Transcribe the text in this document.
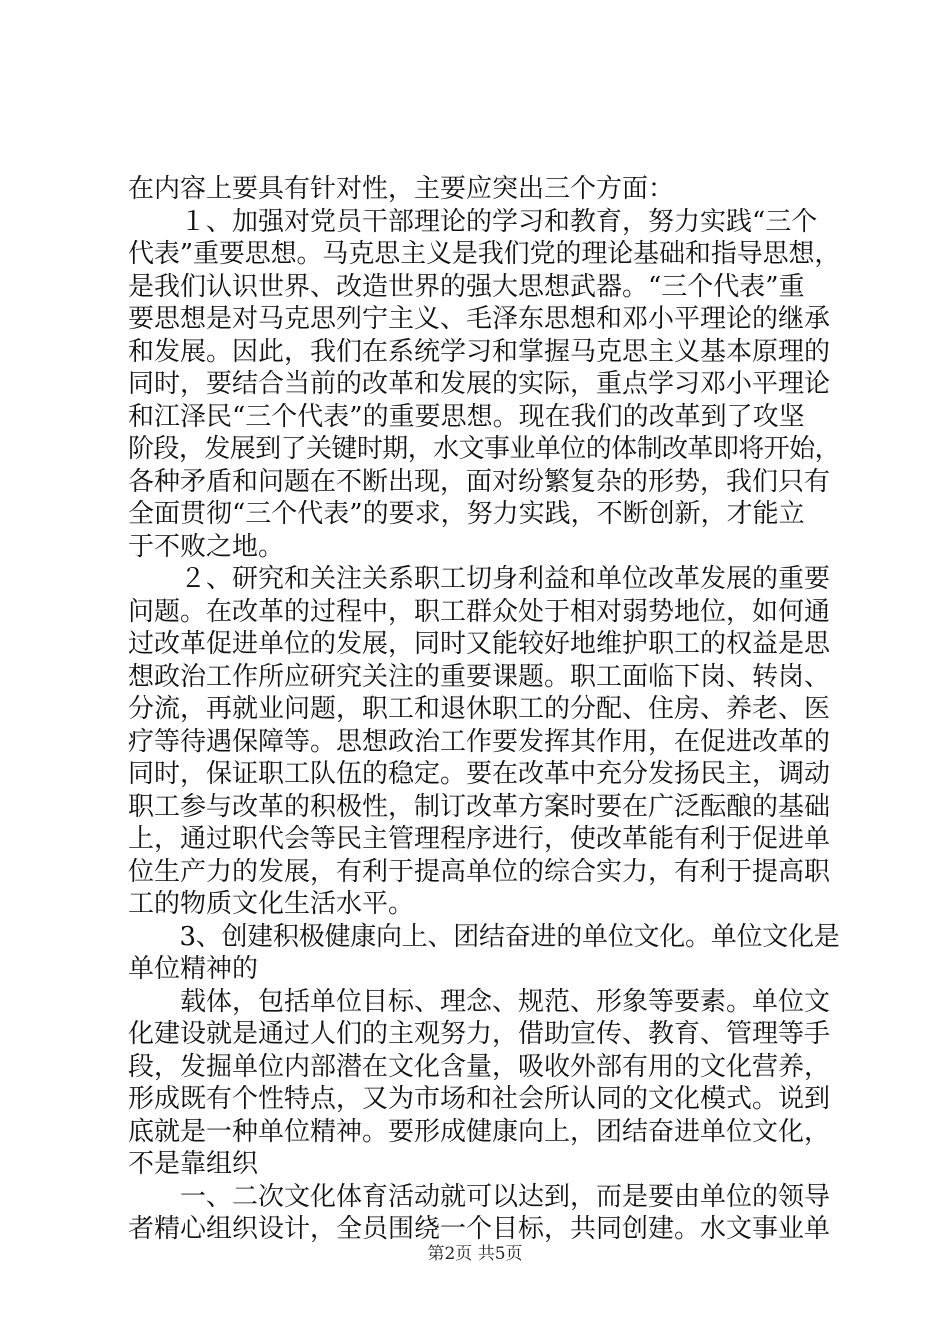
在内容上要具有针对性，主要应突出三个方面：
　　１、加强对党员干部理论的学习和教育，努力实践“三个
代表”重要思想。马克思主义是我们党的理论基础和指导思想，
是我们认识世界、改造世界的强大思想武器。“三个代表”重
要思想是对马克思列宁主义、毛泽东思想和邓小平理论的继承
和发展。因此，我们在系统学习和掌握马克思主义基本原理的
同时，要结合当前的改革和发展的实际，重点学习邓小平理论
和江泽民“三个代表”的重要思想。现在我们的改革到了攻坚
阶段，发展到了关键时期，水文事业单位的体制改革即将开始，
各种矛盾和问题在不断出现，面对纷繁复杂的形势，我们只有
全面贯彻“三个代表”的要求，努力实践，不断创新，才能立
于不败之地。
　　２、研究和关注关系职工切身利益和单位改革发展的重要
问题。在改革的过程中，职工群众处于相对弱势地位，如何通
过改革促进单位的发展，同时又能较好地维护职工的权益是思
想政治工作所应研究关注的重要课题。职工面临下岗、转岗、
分流，再就业问题，职工和退休职工的分配、住房、养老、医
疗等待遇保障等。思想政治工作要发挥其作用，在促进改革的
同时，保证职工队伍的稳定。要在改革中充分发扬民主，调动
职工参与改革的积极性，制订改革方案时要在广泛酝酿的基础
上，通过职代会等民主管理程序进行，使改革能有利于促进单
位生产力的发展，有利于提高单位的综合实力，有利于提高职
工的物质文化生活水平。
　　3、创建积极健康向上、团结奋进的单位文化。单位文化是
单位精神的
　　载体，包括单位目标、理念、规范、形象等要素。单位文
化建设就是通过人们的主观努力，借助宣传、教育、管理等手
段，发掘单位内部潜在文化含量，吸收外部有用的文化营养，
形成既有个性特点，又为市场和社会所认同的文化模式。说到
底就是一种单位精神。要形成健康向上，团结奋进单位文化，
不是靠组织
　　一、二次文化体育活动就可以达到，而是要由单位的领导
者精心组织设计，全员围绕一个目标，共同创建。水文事业单
第2页 共5页
